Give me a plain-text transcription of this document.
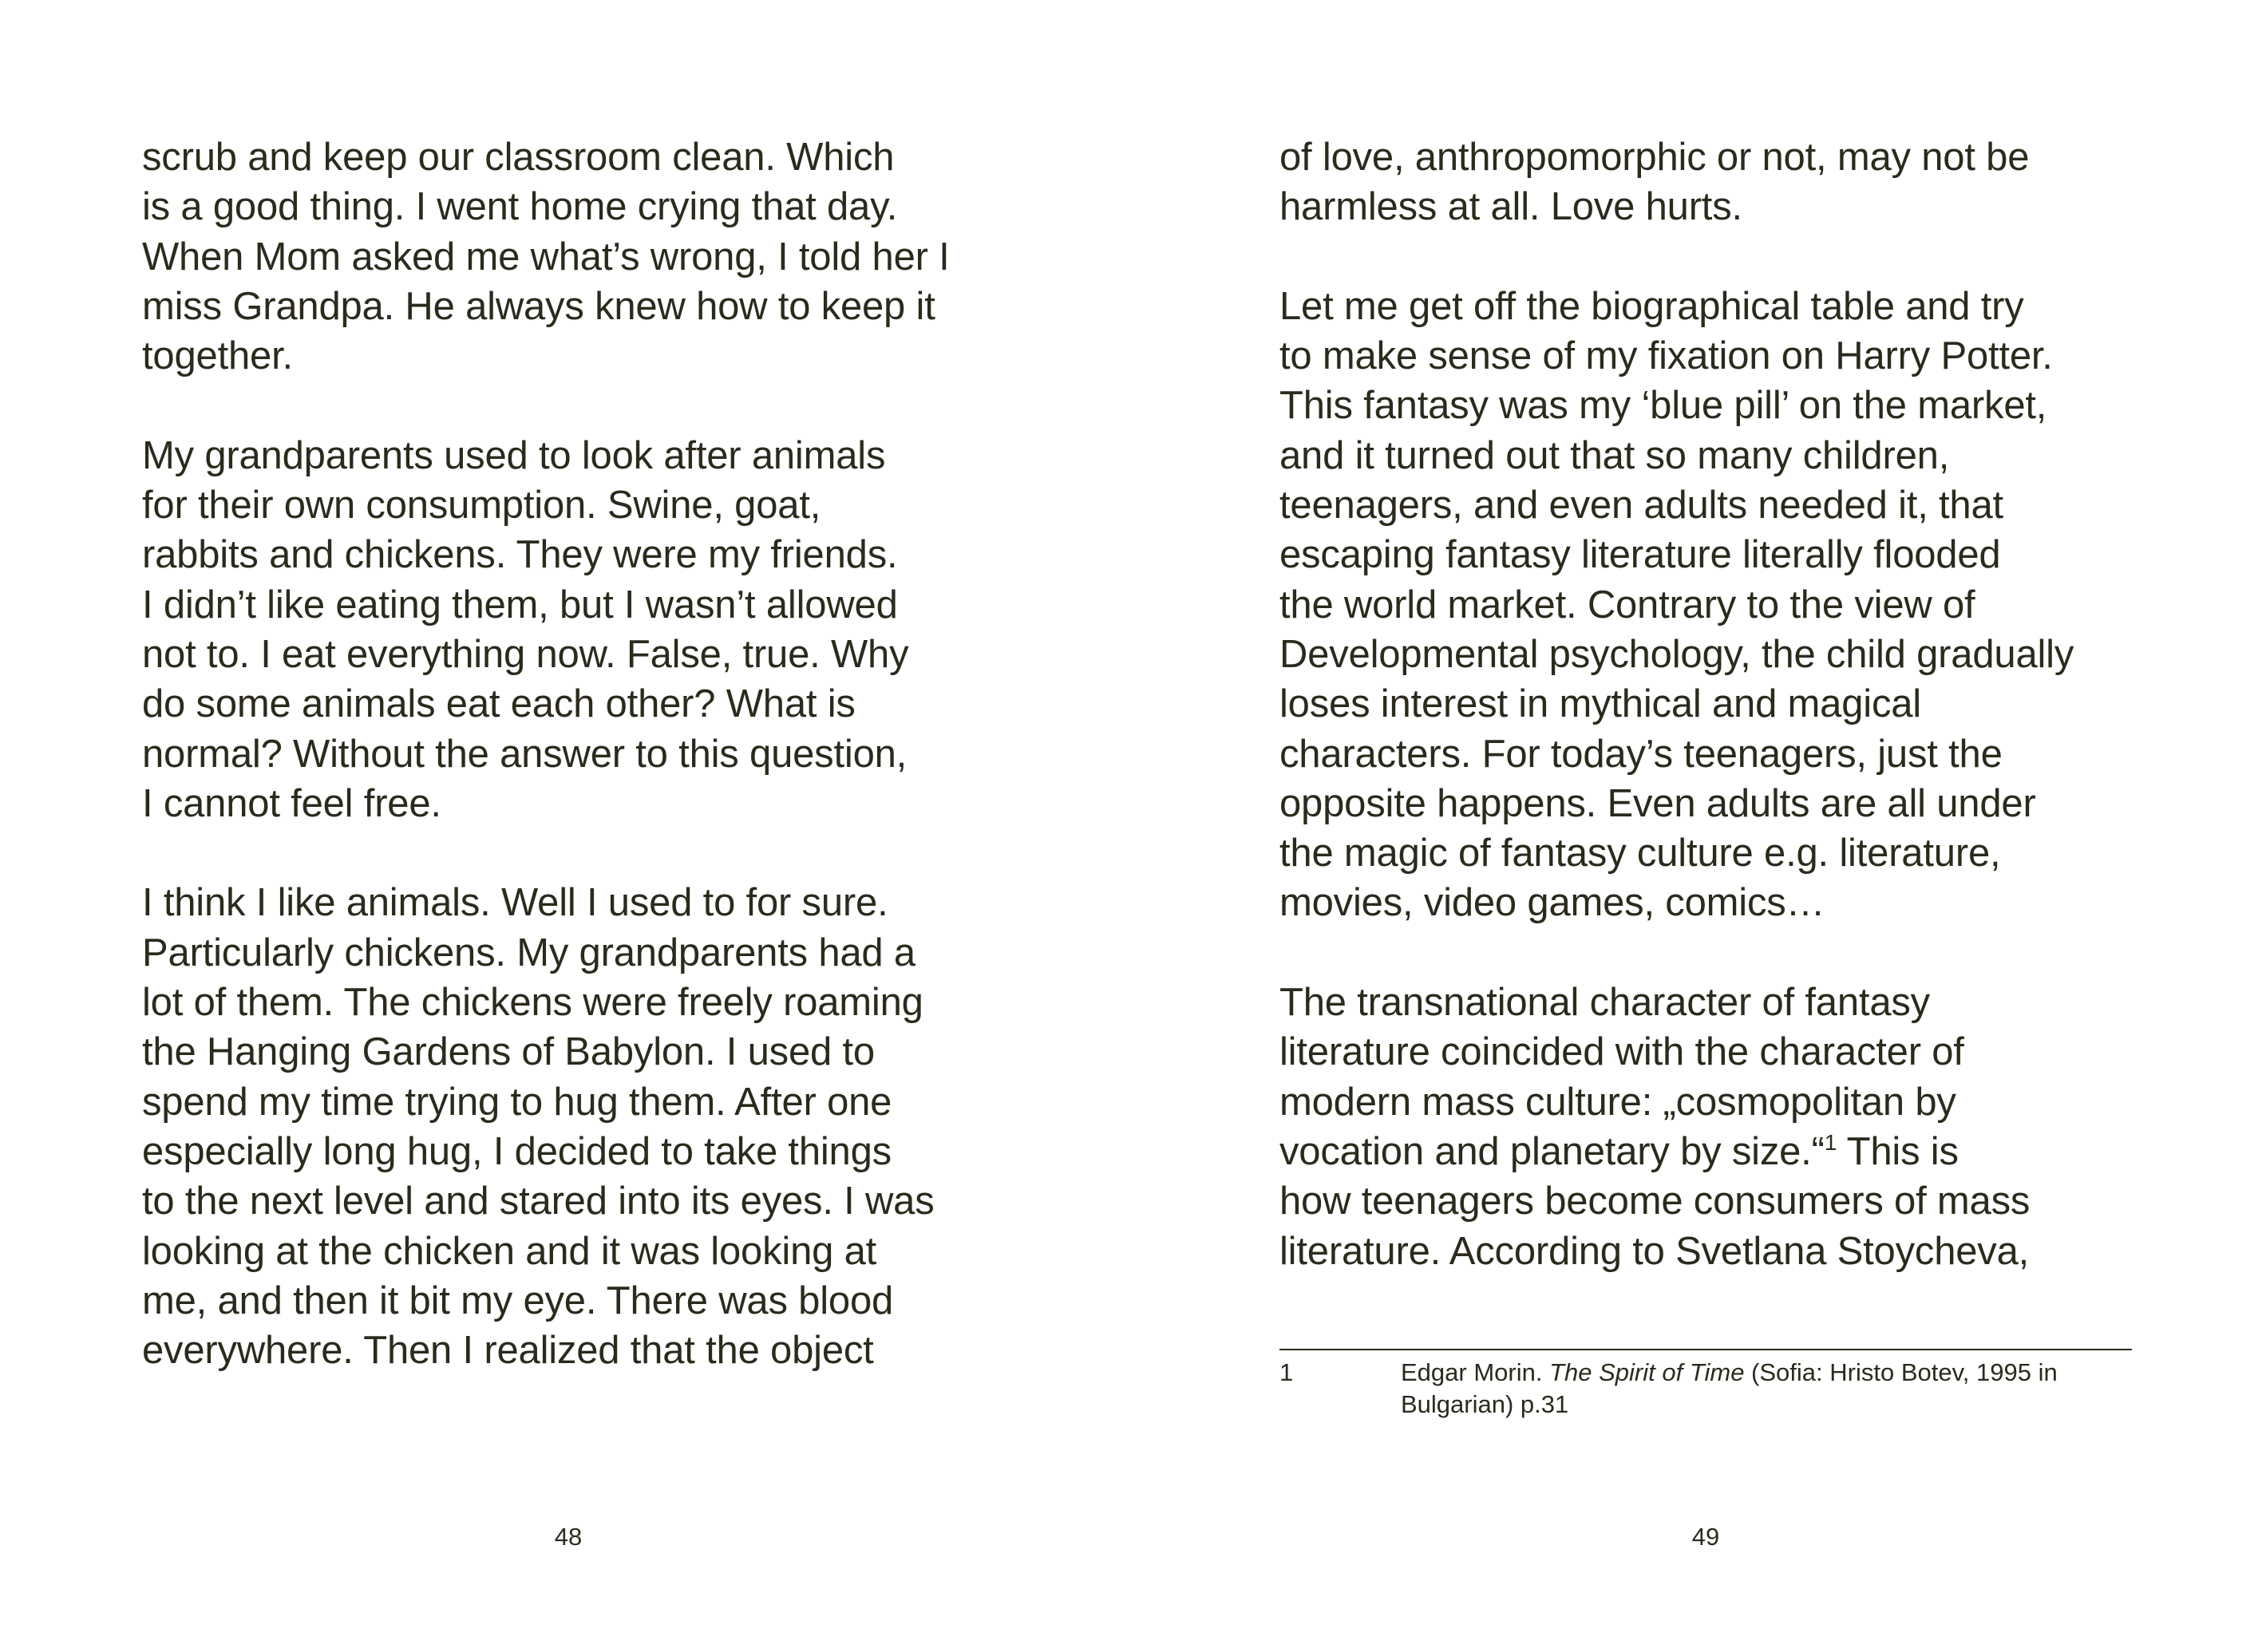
scrub and keep our classroom clean. Which
is a good thing. I went home crying that day.
When Mom asked me what’s wrong, I told her I
miss Grandpa. He always knew how to keep it
together.
My grandparents used to look after animals
for their own consumption. Swine, goat,
rabbits and chickens. They were my friends.
I didn’t like eating them, but I wasn’t allowed
not to. I eat everything now. False, true. Why
do some animals eat each other? What is
normal? Without the answer to this question,
I cannot feel free.
I think I like animals. Well I used to for sure.
Particularly chickens. My grandparents had a
lot of them. The chickens were freely roaming
the Hanging Gardens of Babylon. I used to
spend my time trying to hug them. After one
especially long hug, I decided to take things
to the next level and stared into its eyes. I was
looking at the chicken and it was looking at
me, and then it bit my eye. There was blood
everywhere. Then I realized that the object
48
of love, anthropomorphic or not, may not be
harmless at all. Love hurts.
Let me get off the biographical table and try
to make sense of my fixation on Harry Potter.
This fantasy was my ‘blue pill’ on the market,
and it turned out that so many children,
teenagers, and even adults needed it, that
escaping fantasy literature literally flooded
the world market. Contrary to the view of
Developmental psychology, the child gradually
loses interest in mythical and magical
characters. For today’s teenagers, just the
opposite happens. Even adults are all under
the magic of fantasy culture e.g. literature,
movies, video games, comics…
The transnational character of fantasy
literature coincided with the character of
modern mass culture: „cosmopolitan by
vocation and planetary by size.“$^1$ This is
how teenagers become consumers of mass
literature. According to Svetlana Stoycheva,
1	Edgar Morin. The Spirit of Time (Sofia: Hristo Botev, 1995 in
Bulgarian) p.31
49
